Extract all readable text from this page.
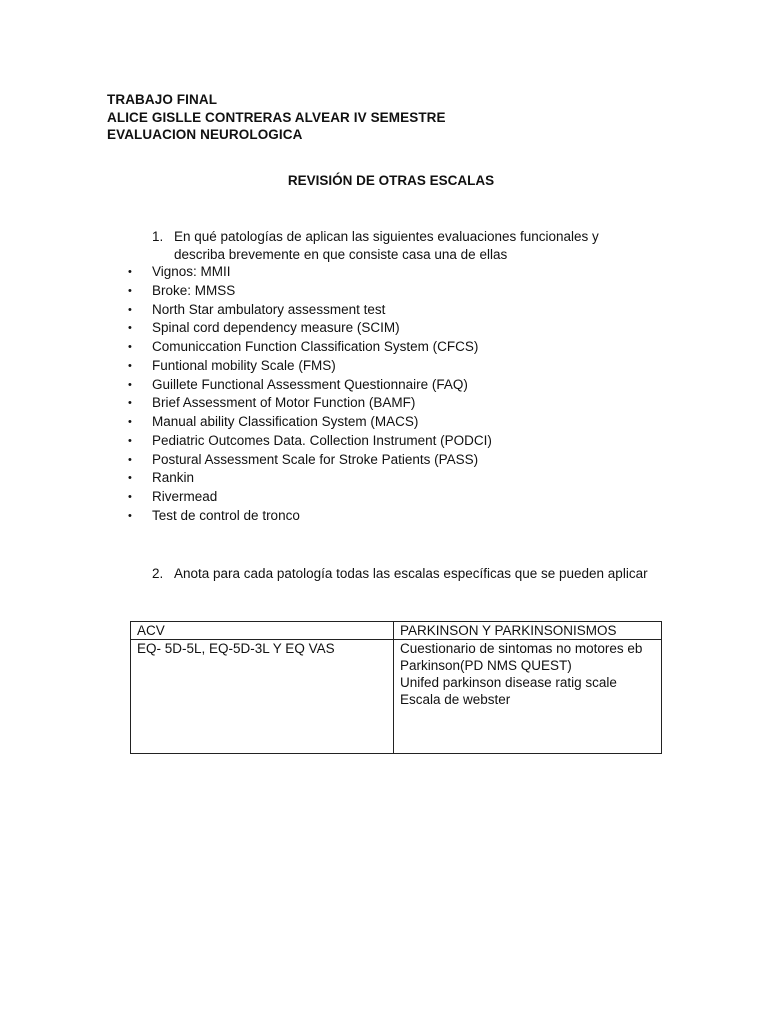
TRABAJO FINAL
ALICE GISLLE CONTRERAS ALVEAR IV SEMESTRE
EVALUACION NEUROLOGICA
REVISIÓN DE OTRAS ESCALAS
1. En qué patologías de aplican las siguientes evaluaciones funcionales y describa brevemente en que consiste casa una de ellas
• Vignos: MMII
• Broke: MMSS
• North Star ambulatory assessment test
• Spinal cord dependency measure (SCIM)
• Comuniccation Function Classification System (CFCS)
• Funtional mobility Scale (FMS)
• Guillete Functional Assessment Questionnaire (FAQ)
• Brief Assessment of Motor Function (BAMF)
• Manual ability Classification System (MACS)
• Pediatric Outcomes Data. Collection Instrument (PODCI)
• Postural Assessment Scale for Stroke Patients (PASS)
• Rankin
• Rivermead
• Test de control de tronco
2. Anota para cada patología todas las escalas específicas que se pueden aplicar
ACV	PARKINSON Y PARKINSONISMOS

EQ- 5D-5L, EQ-5D-3L Y EQ VAS	Cuestionario de sintomas no motores eb
Parkinson(PD NMS QUEST)
Unifed parkinson disease ratig scale
Escala de webster
